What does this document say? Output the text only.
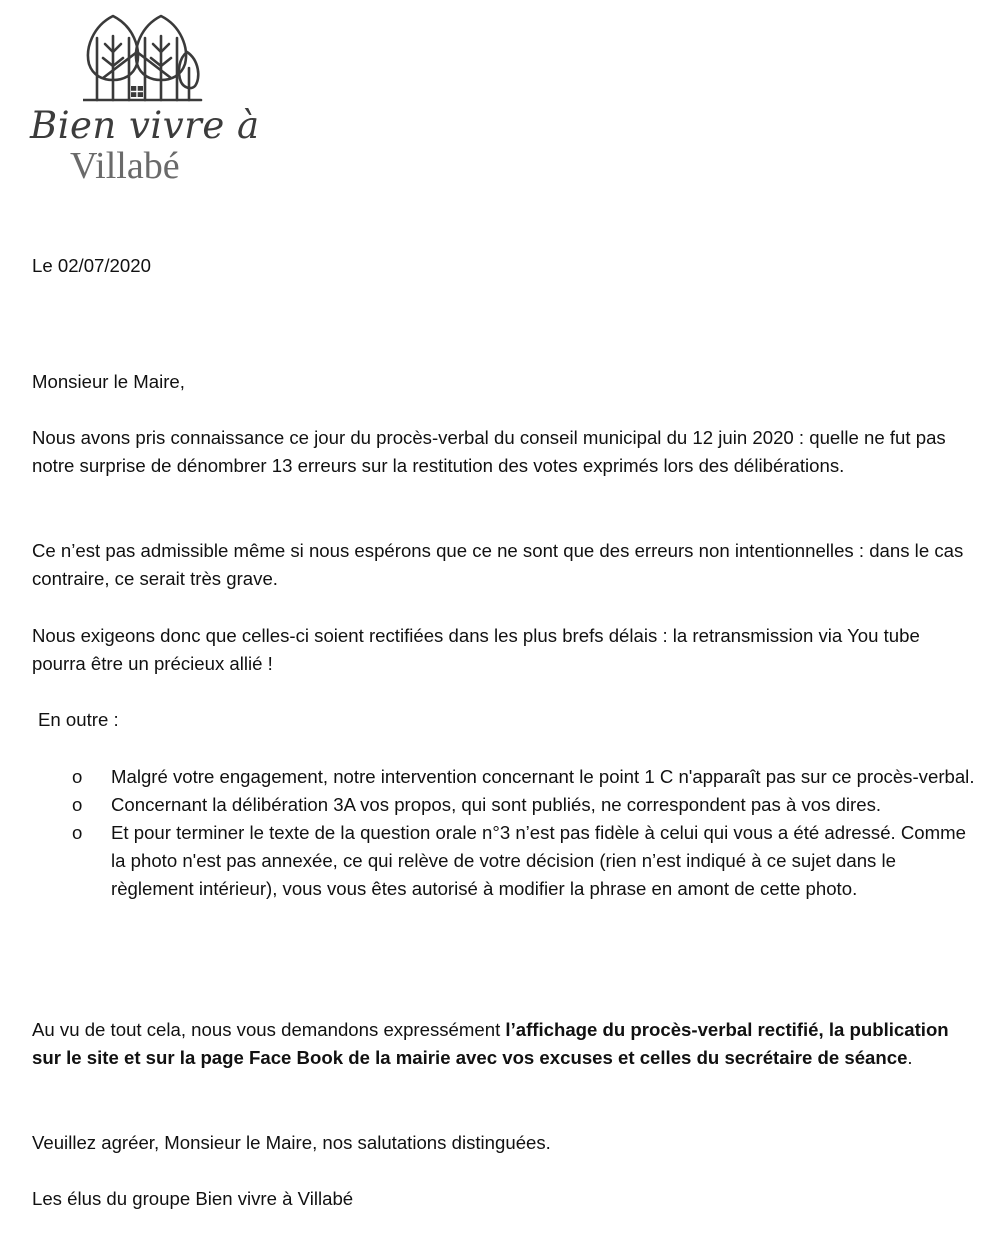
Bien vivre à
Villabé

Le 02/07/2020

Monsieur le Maire,

Nous avons pris connaissance ce jour du procès-verbal du conseil municipal du 12 juin 2020 : quelle ne fut pas notre surprise de dénombrer 13 erreurs sur la restitution des votes exprimés lors des délibérations.

Ce n’est pas admissible même si nous espérons que ce ne sont que des erreurs non intentionnelles : dans le cas contraire, ce serait très grave.

Nous exigeons donc que celles-ci soient rectifiées dans les plus brefs délais : la retransmission via You tube pourra être un précieux allié !

En outre :

o Malgré votre engagement, notre intervention concernant le point 1 C n'apparaît pas sur ce procès-verbal.
o Concernant la délibération 3A vos propos, qui sont publiés, ne correspondent pas à vos dires.
o Et pour terminer le texte de la question orale n°3 n’est pas fidèle à celui qui vous a été adressé. Comme la photo n'est pas annexée, ce qui relève de votre décision (rien n’est indiqué à ce sujet dans le règlement intérieur), vous vous êtes autorisé à modifier la phrase en amont de cette photo.

Au vu de tout cela, nous vous demandons expressément l’affichage du procès-verbal rectifié, la publication sur le site et sur la page Face Book de la mairie avec vos excuses et celles du secrétaire de séance.

Veuillez agréer, Monsieur le Maire, nos salutations distinguées.

Les élus du groupe Bien vivre à Villabé
